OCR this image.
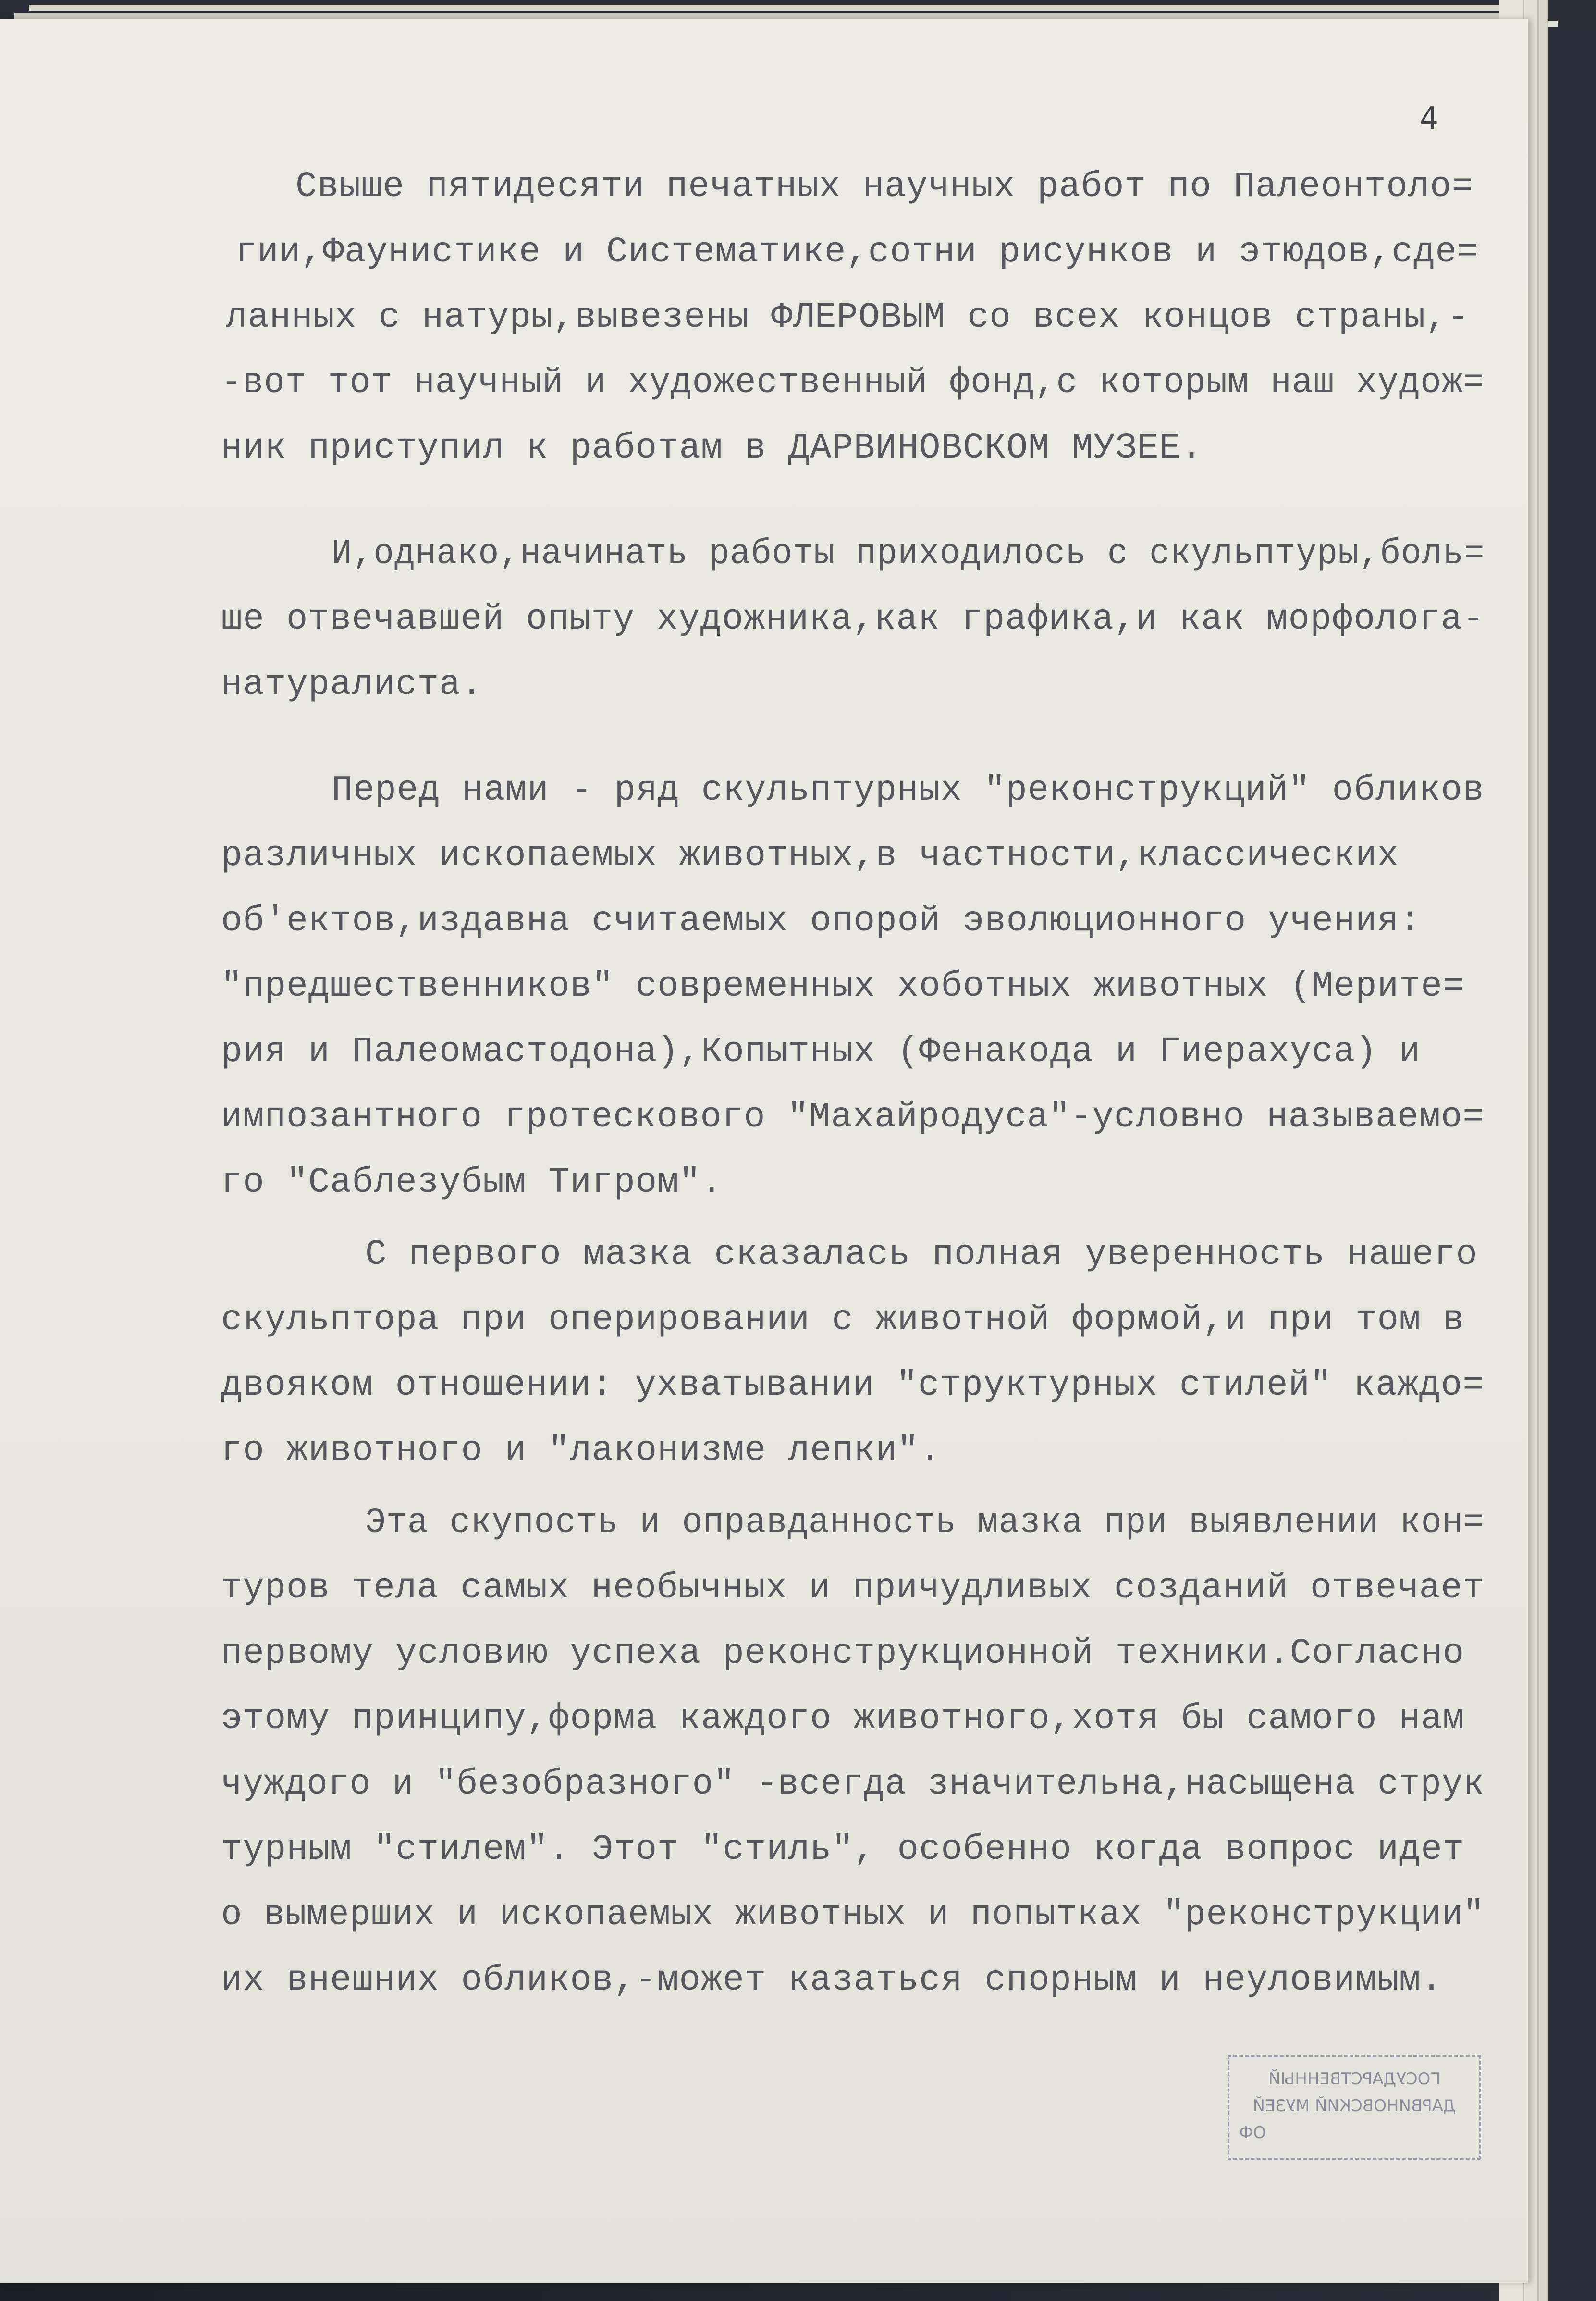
4
Свыше пятидесяти печатных научных работ по Палеонтоло=
гии,Фаунистике и Систематике,сотни рисунков и этюдов,сде=
ланных с натуры,вывезены ФЛЕРОВЫМ со всех концов страны,-
-вот тот научный и художественный фонд,с которым наш худож=
ник приступил к работам в ДАРВИНОВСКОМ МУЗЕЕ.
И,однако,начинать работы приходилось с скульптуры,боль=
ше отвечавшей опыту художника,как графика,и как морфолога-
натуралиста.
Перед нами - ряд скульптурных "реконструкций" обликов
различных ископаемых животных,в частности,классических
об'ектов,издавна считаемых опорой эволюционного учения:
"предшественников" современных хоботных животных (Меритe=
рия и Палеомастодона),Копытных (Фенакода и Гиерахуса) и
импозантного гротескового "Махайродуса"-условно называемо=
го "Саблезубым Тигром".
С первого мазка сказалась полная уверенность нашего
скульптора при оперировании с животной формой,и при том в
двояком отношении: ухватывании "структурных стилей" каждо=
го животного и "лаконизме лепки".
Эта скупость и оправданность мазка при выявлении кон=
туров тела самых необычных и причудливых созданий отвечает
первому условию успеха реконструкционной техники.Согласно
этому принципу,форма каждого животного,хотя бы самого нам
чуждого и "безобразного" -всегда значительна,насыщена струк
турным "стилем". Этот "стиль", особенно когда вопрос идет
о вымерших и ископаемых животных и попытках "реконструкции"
их внешних обликов,-может казаться спорным и неуловимым.
ГОСУДАРСТВЕННЫЙ
ДАРВИНОВСКИЙ МУЗЕЙ
ОФ
